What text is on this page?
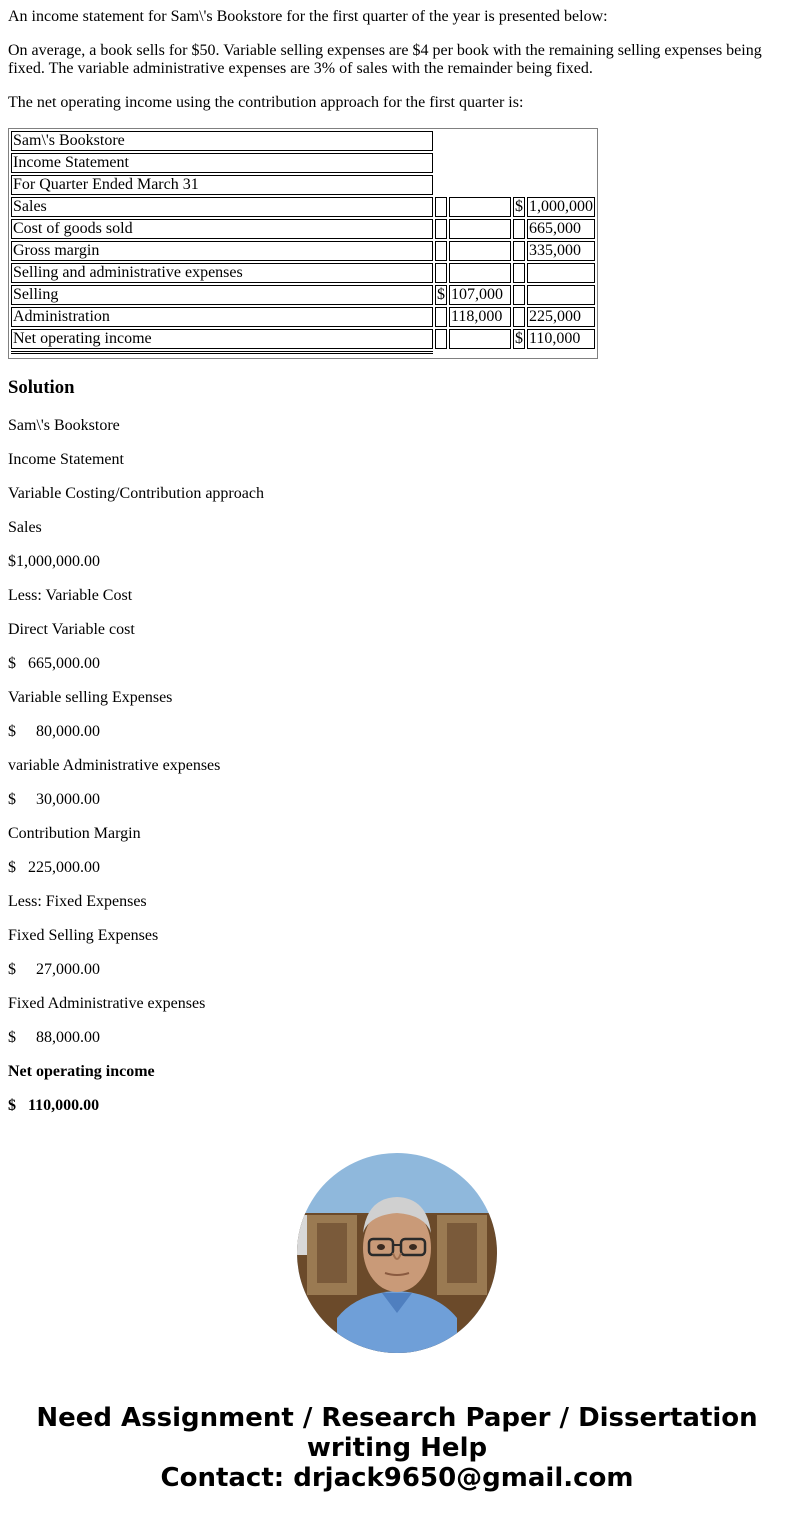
An income statement for Sam\'s Bookstore for the first quarter of the year is presented below:

On average, a book sells for $50. Variable selling expenses are $4 per book with the remaining selling expenses being fixed. The variable administrative expenses are 3% of sales with the remainder being fixed.

The net operating income using the contribution approach for the first quarter is:

Sam\'s Bookstore				
Income Statement				
For Quarter Ended March 31				
Sales			$	1,000,000
Cost of goods sold				665,000
Gross margin				335,000
Selling and administrative expenses				
Selling	$	107,000		
Administration		118,000		225,000
Net operating income			$	110,000

Solution

Sam\'s Bookstore

Income Statement

Variable Costing/Contribution approach

Sales

$1,000,000.00

Less: Variable Cost

Direct Variable cost

$   665,000.00

Variable selling Expenses

$     80,000.00

variable Administrative expenses

$     30,000.00

Contribution Margin

$   225,000.00

Less: Fixed Expenses

Fixed Selling Expenses

$     27,000.00

Fixed Administrative expenses

$     88,000.00

Net operating income

$   110,000.00

Need Assignment / Research Paper / Dissertation
writing Help
Contact: drjack9650@gmail.com
